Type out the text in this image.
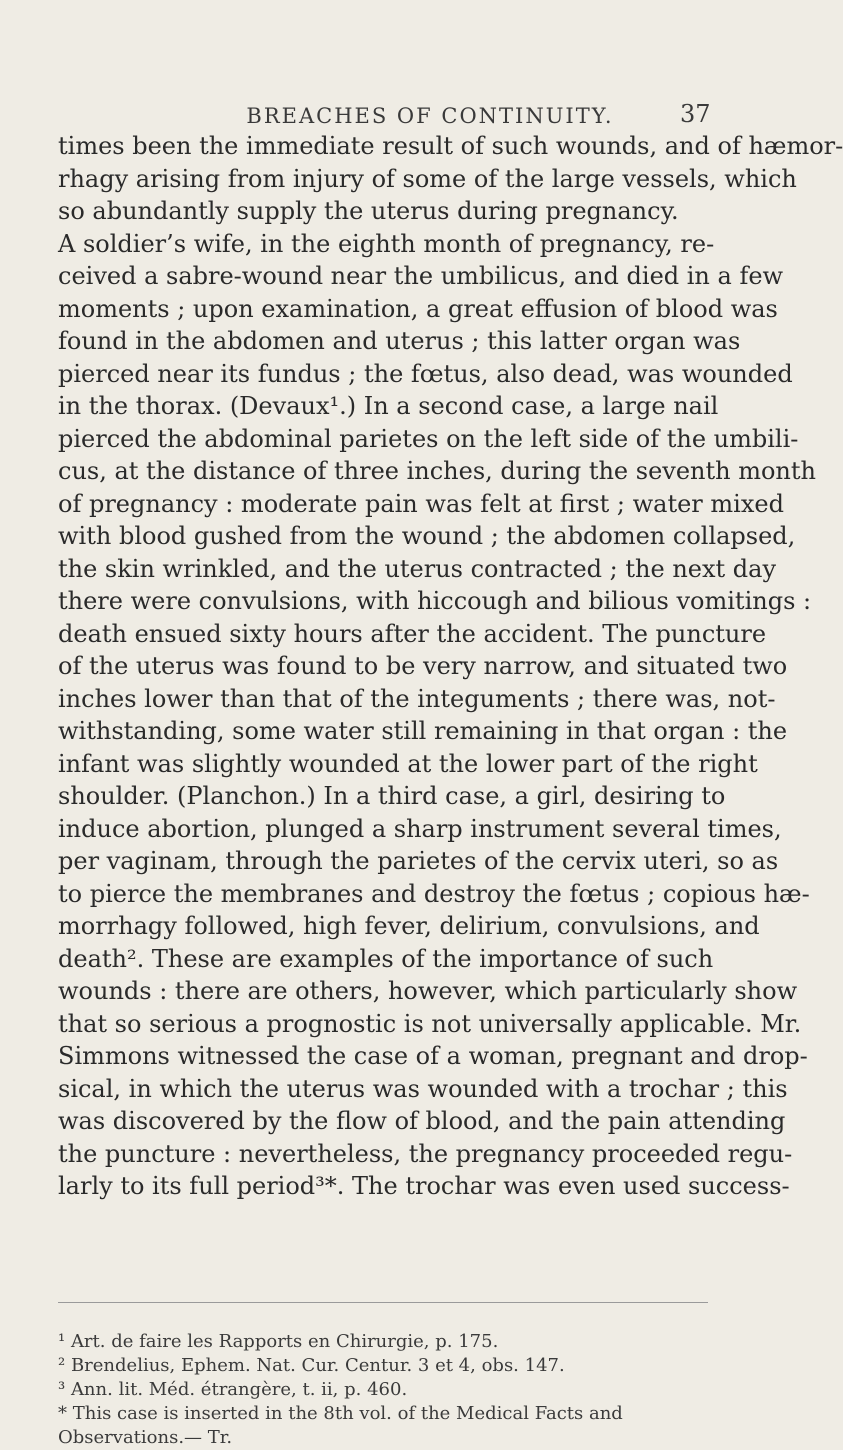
BREACHES OF CONTINUITY.	37
times been the immediate result of such wounds, and of hæmor-
rhagy arising from injury of some of the large vessels, which
so abundantly supply the uterus during pregnancy.
A soldier’s wife, in the eighth month of pregnancy, re-
ceived a sabre-wound near the umbilicus, and died in a few
moments ; upon examination, a great effusion of blood was
found in the abdomen and uterus ; this latter organ was
pierced near its fundus ; the fœtus, also dead, was wounded
in the thorax. (Devaux¹.) In a second case, a large nail
pierced the abdominal parietes on the left side of the umbili-
cus, at the distance of three inches, during the seventh month
of pregnancy : moderate pain was felt at first ; water mixed
with blood gushed from the wound ; the abdomen collapsed,
the skin wrinkled, and the uterus contracted ; the next day
there were convulsions, with hiccough and bilious vomitings :
death ensued sixty hours after the accident. The puncture
of the uterus was found to be very narrow, and situated two
inches lower than that of the integuments ; there was, not-
withstanding, some water still remaining in that organ : the
infant was slightly wounded at the lower part of the right
shoulder. (Planchon.) In a third case, a girl, desiring to
induce abortion, plunged a sharp instrument several times,
per vaginam, through the parietes of the cervix uteri, so as
to pierce the membranes and destroy the fœtus ; copious hæ-
morrhagy followed, high fever, delirium, convulsions, and
death². These are examples of the importance of such
wounds : there are others, however, which particularly show
that so serious a prognostic is not universally applicable. Mr.
Simmons witnessed the case of a woman, pregnant and drop-
sical, in which the uterus was wounded with a trochar ; this
was discovered by the flow of blood, and the pain attending
the puncture : nevertheless, the pregnancy proceeded regu-
larly to its full period³*. The trochar was even used success-
¹ Art. de faire les Rapports en Chirurgie, p. 175.
² Brendelius, Ephem. Nat. Cur. Centur. 3 et 4, obs. 147.
³ Ann. lit. Méd. étrangère, t. ii, p. 460.
* This case is inserted in the 8th vol. of the Medical Facts and Observations.— Tr.
